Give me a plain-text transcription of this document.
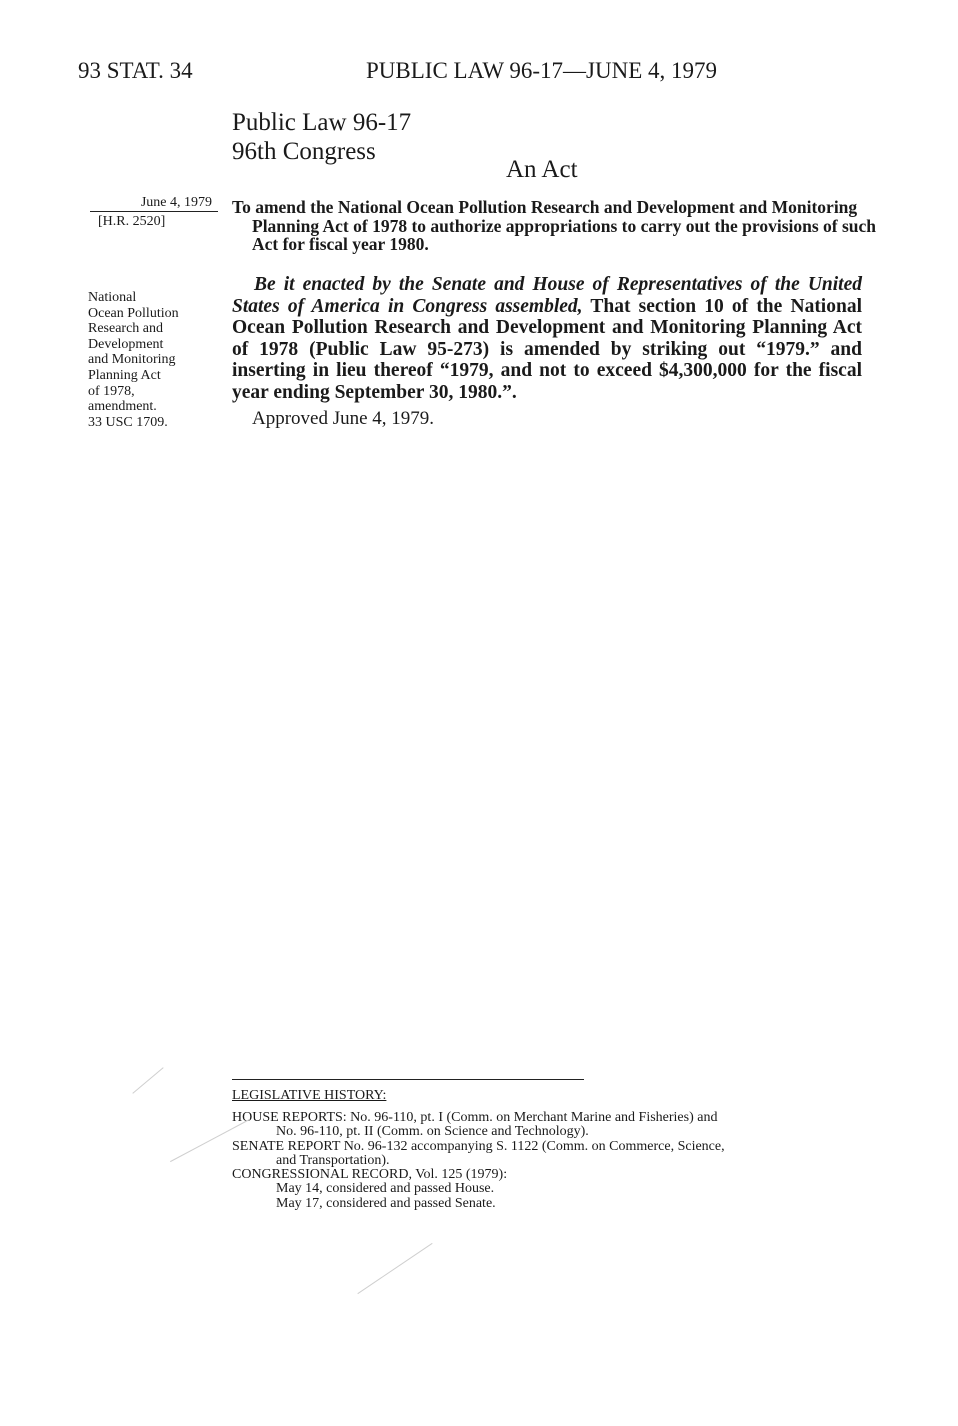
93 STAT. 34	PUBLIC LAW 96-17—JUNE 4, 1979
Public Law 96-17
96th Congress
An Act
June 4, 1979
[H.R. 2520]
National
Ocean Pollution
Research and
Development
and Monitoring
Planning Act
of 1978,
amendment.
33 USC 1709.
To amend the National Ocean Pollution Research and Development and Monitoring Planning Act of 1978 to authorize appropriations to carry out the provisions of such Act for fiscal year 1980.
Be it enacted by the Senate and House of Representatives of the United States of America in Congress assembled, That section 10 of the National Ocean Pollution Research and Development and Monitoring Planning Act of 1978 (Public Law 95-273) is amended by striking out “1979.” and inserting in lieu thereof “1979, and not to exceed $4,300,000 for the fiscal year ending September 30, 1980.”.
Approved June 4, 1979.
LEGISLATIVE HISTORY:
HOUSE REPORTS: No. 96-110, pt. I (Comm. on Merchant Marine and Fisheries) and
No. 96-110, pt. II (Comm. on Science and Technology).
SENATE REPORT No. 96-132 accompanying S. 1122 (Comm. on Commerce, Science,
and Transportation).
CONGRESSIONAL RECORD, Vol. 125 (1979):
May 14, considered and passed House.
May 17, considered and passed Senate.
